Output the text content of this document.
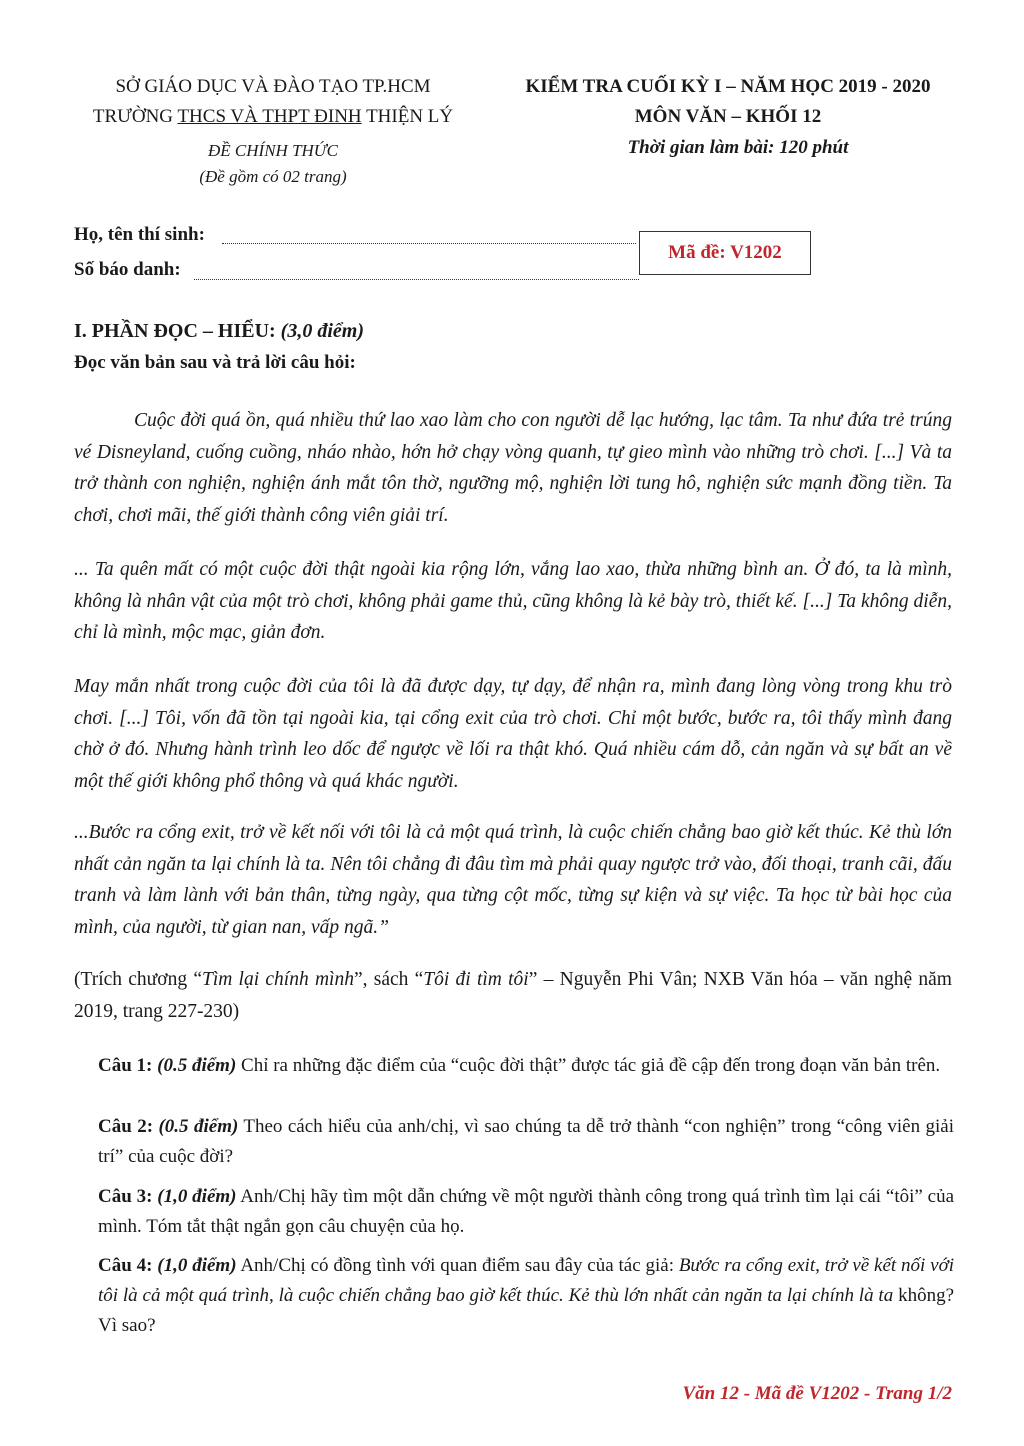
SỞ GIÁO DỤC VÀ ĐÀO TẠO TP.HCM
TRƯỜNG THCS VÀ THPT ĐINH THIỆN LÝ
ĐỀ CHÍNH THỨC
(Đề gồm có 02 trang)
KIỂM TRA CUỐI KỲ I – NĂM HỌC 2019 - 2020
MÔN VĂN – KHỐI 12
Thời gian làm bài: 120 phút
Họ, tên thí sinh:
Số báo danh:
Mã đề: V1202
I. PHẦN ĐỌC – HIỂU: (3,0 điểm)
Đọc văn bản sau và trả lời câu hỏi:
Cuộc đời quá ồn, quá nhiều thứ lao xao làm cho con người dễ lạc hướng, lạc tâm. Ta như đứa trẻ trúng vé Disneyland, cuống cuồng, nháo nhào, hớn hở chạy vòng quanh, tự gieo mình vào những trò chơi. [...] Và ta trở thành con nghiện, nghiện ánh mắt tôn thờ, ngưỡng mộ, nghiện lời tung hô, nghiện sức mạnh đồng tiền. Ta chơi, chơi mãi, thế giới thành công viên giải trí.
... Ta quên mất có một cuộc đời thật ngoài kia rộng lớn, vắng lao xao, thừa những bình an. Ở đó, ta là mình, không là nhân vật của một trò chơi, không phải game thủ, cũng không là kẻ bày trò, thiết kế. [...] Ta không diễn, chỉ là mình, mộc mạc, giản đơn.
May mắn nhất trong cuộc đời của tôi là đã được dạy, tự dạy, để nhận ra, mình đang lòng vòng trong khu trò chơi. [...] Tôi, vốn đã tồn tại ngoài kia, tại cổng exit của trò chơi. Chỉ một bước, bước ra, tôi thấy mình đang chờ ở đó. Nhưng hành trình leo dốc để ngược về lối ra thật khó. Quá nhiều cám dỗ, cản ngăn và sự bất an về một thế giới không phổ thông và quá khác người.
...Bước ra cổng exit, trở về kết nối với tôi là cả một quá trình, là cuộc chiến chẳng bao giờ kết thúc. Kẻ thù lớn nhất cản ngăn ta lại chính là ta. Nên tôi chẳng đi đâu tìm mà phải quay ngược trở vào, đối thoại, tranh cãi, đấu tranh và làm lành với bản thân, từng ngày, qua từng cột mốc, từng sự kiện và sự việc. Ta học từ bài học của mình, của người, từ gian nan, vấp ngã.”
(Trích chương “Tìm lại chính mình”, sách “Tôi đi tìm tôi” – Nguyễn Phi Vân; NXB Văn hóa – văn nghệ năm 2019, trang 227-230)
Câu 1: (0.5 điểm) Chỉ ra những đặc điểm của “cuộc đời thật” được tác giả đề cập đến trong đoạn văn bản trên.
Câu 2: (0.5 điểm) Theo cách hiểu của anh/chị, vì sao chúng ta dễ trở thành “con nghiện” trong “công viên giải trí” của cuộc đời?
Câu 3: (1,0 điểm) Anh/Chị hãy tìm một dẫn chứng về một người thành công trong quá trình tìm lại cái “tôi” của mình. Tóm tắt thật ngắn gọn câu chuyện của họ.
Câu 4: (1,0 điểm) Anh/Chị có đồng tình với quan điểm sau đây của tác giả: Bước ra cổng exit, trở về kết nối với tôi là cả một quá trình, là cuộc chiến chẳng bao giờ kết thúc. Kẻ thù lớn nhất cản ngăn ta lại chính là ta không? Vì sao?
Văn 12 - Mã đề V1202 - Trang 1/2
